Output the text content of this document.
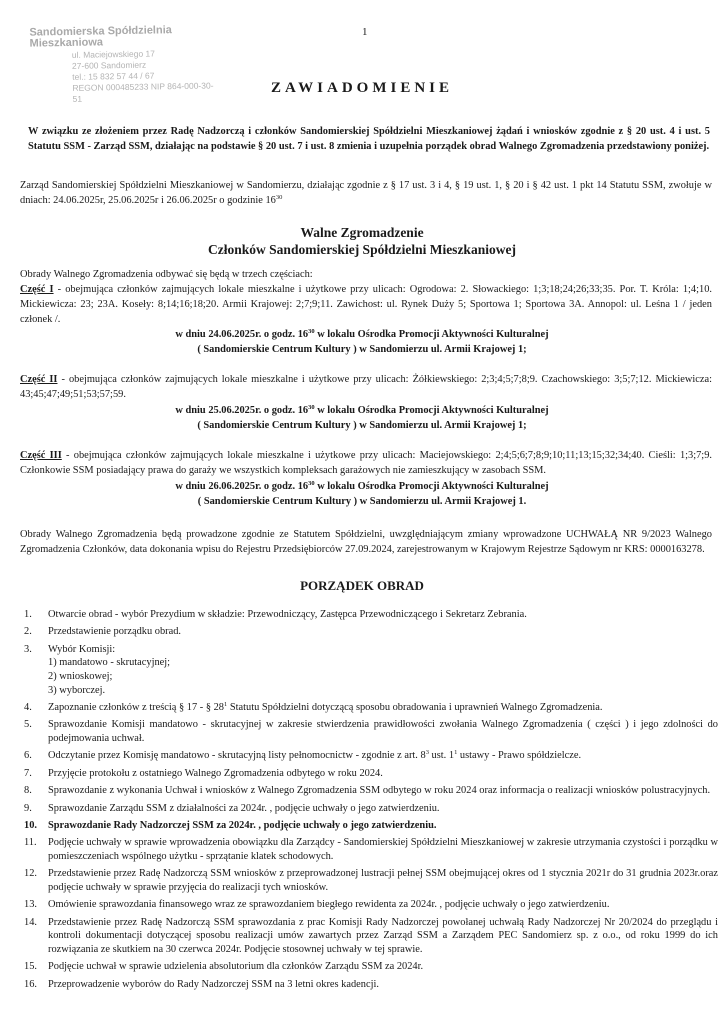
Sandomierska Spółdzielnia Mieszkaniowa
ul. Maciejowskiego 17
27-600 Sandomierz
tel.: 15 832 57 44 / 67
REGON 000485233 NIP 864-000-30-51
1
ZAWIADOMIENIE

W związku ze złożeniem przez Radę Nadzorczą i członków Sandomierskiej Spółdzielni Mieszkaniowej żądań i wniosków zgodnie z § 20 ust. 4 i ust. 5 Statutu SSM - Zarząd SSM, działając na podstawie § 20 ust. 7 i ust. 8 zmienia i uzupełnia porządek obrad Walnego Zgromadzenia przedstawiony poniżej.

Zarząd Sandomierskiej Spółdzielni Mieszkaniowej w Sandomierzu, działając zgodnie z § 17 ust. 3 i 4, § 19 ust. 1, § 20 i § 42 ust. 1 pkt 14 Statutu SSM, zwołuje w dniach: 24.06.2025r, 25.06.2025r i 26.06.2025r o godzinie $16^{30}$

Walne Zgromadzenie
Członków Sandomierskiej Spółdzielni Mieszkaniowej

Obrady Walnego Zgromadzenia odbywać się będą w trzech częściach:

Część I - obejmująca członków zajmujących lokale mieszkalne i użytkowe przy ulicach: Ogrodowa: 2. Słowackiego: 1;3;18;24;26;33;35. Por. T. Króla: 1;4;10. Mickiewicza: 23; 23A. Koseły: 8;14;16;18;20. Armii Krajowej: 2;7;9;11. Zawichost: ul. Rynek Duży 5; Sportowa 1; Sportowa 3A. Annopol: ul. Leśna 1 / jeden członek /.

w dniu 24.06.2025r. o godz. $16^{30}$ w lokalu Ośrodka Promocji Aktywności Kulturalnej
( Sandomierskie Centrum Kultury ) w Sandomierzu ul. Armii Krajowej 1;

Część II - obejmująca członków zajmujących lokale mieszkalne i użytkowe przy ulicach: Żółkiewskiego: 2;3;4;5;7;8;9. Czachowskiego: 3;5;7;12. Mickiewicza: 43;45;47;49;51;53;57;59.

w dniu 25.06.2025r. o godz. $16^{30}$ w lokalu Ośrodka Promocji Aktywności Kulturalnej
( Sandomierskie Centrum Kultury ) w Sandomierzu ul. Armii Krajowej 1;

Część III - obejmująca członków zajmujących lokale mieszkalne i użytkowe przy ulicach: Maciejowskiego: 2;4;5;6;7;8;9;10;11;13;15;32;34;40. Cieśli: 1;3;7;9. Członkowie SSM posiadający prawa do garaży we wszystkich kompleksach garażowych nie zamieszkujący w zasobach SSM.

w dniu 26.06.2025r. o godz. $16^{30}$ w lokalu Ośrodka Promocji Aktywności Kulturalnej
( Sandomierskie Centrum Kultury ) w Sandomierzu ul. Armii Krajowej 1.

Obrady Walnego Zgromadzenia będą prowadzone zgodnie ze Statutem Spółdzielni, uwzględniającym zmiany wprowadzone UCHWAŁĄ NR 9/2023 Walnego Zgromadzenia Członków, data dokonania wpisu do Rejestru Przedsiębiorców 27.09.2024, zarejestrowanym w Krajowym Rejestrze Sądowym nr KRS: 0000163278.

PORZĄDEK OBRAD
1.	Otwarcie obrad - wybór Prezydium w składzie: Przewodniczący, Zastępca Przewodniczącego i Sekretarz Zebrania.
2.	Przedstawienie porządku obrad.
3.	Wybór Komisji:
1) mandatowo - skrutacyjnej;
2) wnioskowej;
3) wyborczej.
4.	Zapoznanie członków z treścią § 17 - § $28^1$ Statutu Spółdzielni dotyczącą sposobu obradowania i uprawnień Walnego Zgromadzenia.
5.	Sprawozdanie Komisji mandatowo - skrutacyjnej w zakresie stwierdzenia prawidłowości zwołania Walnego Zgromadzenia ( części ) i jego zdolności do podejmowania uchwał.
6.	Odczytanie przez Komisję mandatowo - skrutacyjną listy pełnomocnictw - zgodnie z art. $8^3$ ust. $1^1$ ustawy - Prawo spółdzielcze.
7.	Przyjęcie protokołu z ostatniego Walnego Zgromadzenia odbytego w roku 2024.
8.	Sprawozdanie z wykonania Uchwał i wniosków z Walnego Zgromadzenia SSM odbytego w roku 2024 oraz informacja o realizacji wniosków polustracyjnych.
9.	Sprawozdanie Zarządu SSM z działalności za 2024r. , podjęcie uchwały o jego zatwierdzeniu.
10.	Sprawozdanie Rady Nadzorczej SSM za 2024r. , podjęcie uchwały o jego zatwierdzeniu.
11.	Podjęcie uchwały w sprawie wprowadzenia obowiązku dla Zarządcy - Sandomierskiej Spółdzielni Mieszkaniowej w zakresie utrzymania czystości i porządku w pomieszczeniach wspólnego użytku - sprzątanie klatek schodowych.
12.	Przedstawienie przez Radę Nadzorczą SSM wniosków z przeprowadzonej lustracji pełnej SSM obejmującej okres od 1 stycznia 2021r do 31 grudnia 2023r.oraz podjęcie uchwały w sprawie przyjęcia do realizacji tych wniosków.
13.	Omówienie sprawozdania finansowego wraz ze sprawozdaniem biegłego rewidenta za 2024r. , podjęcie uchwały o jego zatwierdzeniu.
14.	Przedstawienie przez Radę Nadzorczą SSM sprawozdania z prac Komisji Rady Nadzorczej powołanej uchwałą Rady Nadzorczej Nr 20/2024 do przeglądu i kontroli dokumentacji dotyczącej sposobu realizacji umów zawartych przez Zarząd SSM a Zarządem PEC Sandomierz sp. z o.o., od roku 1999 do ich rozwiązania ze skutkiem na 30 czerwca 2024r. Podjęcie stosownej uchwały w tej sprawie.
15.	Podjęcie uchwał w sprawie udzielenia absolutorium dla członków Zarządu SSM za 2024r.
16.	Przeprowadzenie wyborów do Rady Nadzorczej SSM na 3 letni okres kadencji.
